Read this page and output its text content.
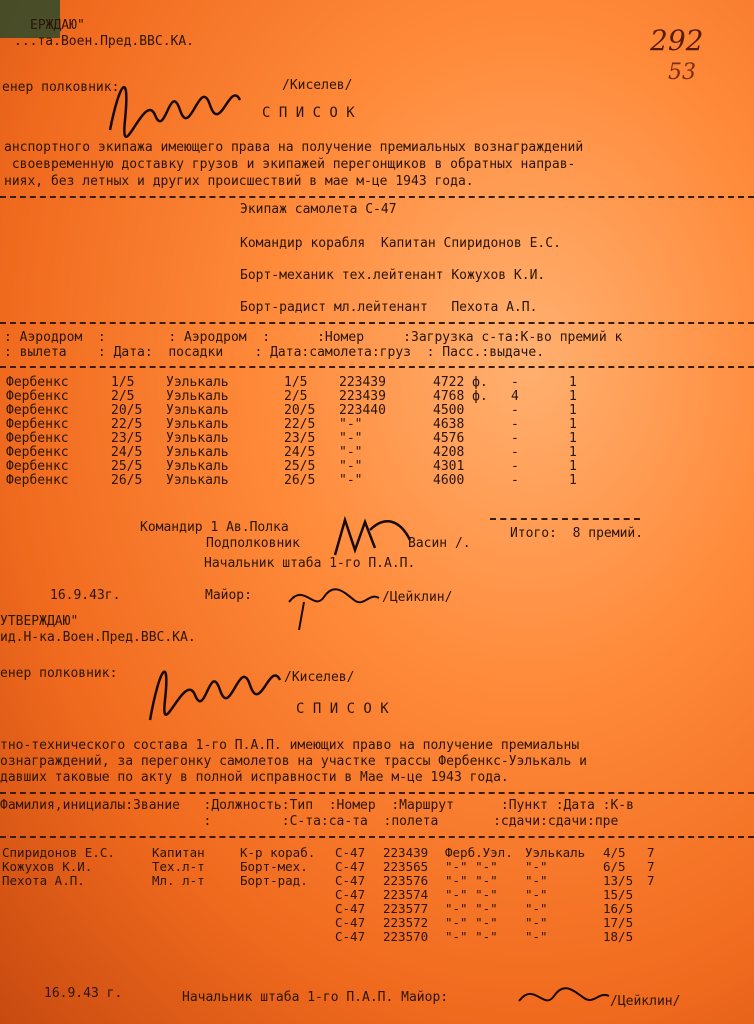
292
53
ЕРЖДАЮ"
...та.Воен.Пред.ВВС.КА.
енер полковник:	/Киселев/
С П И С О К
анспортного экипажа имеющего права на получение премиальных вознаграждений
своевременную доставку грузов и экипажей перегонщиков в обратных направ-
ниях, без летных и других происшествий в мае м-це 1943 года.
Экипаж самолета С-47
Командир корабля  Капитан Спиридонов Е.С.
Борт-механик тех.лейтенант Кожухов К.И.
Борт-радист мл.лейтенант   Пехота А.П.
: Аэродром  :        : Аэродром  :      :Номер     :Загрузка с-та:К-во премий к
: вылета    : Дата:  посадки    : Дата:самолета:груз  : Пасс.:выдаче.
Фербенкс	1/5	Уэлькаль	1/5	223439	4722 ф.	-	1
Фербенкс	2/5	Уэлькаль	2/5	223439	4768 ф.	4	1
Фербенкс	20/5	Уэлькаль	20/5	223440	4500	-	1
Фербенкс	22/5	Уэлькаль	22/5	"-"	4638	-	1
Фербенкс	23/5	Уэлькаль	23/5	"-"	4576	-	1
Фербенкс	24/5	Уэлькаль	24/5	"-"	4208	-	1
Фербенкс	25/5	Уэлькаль	25/5	"-"	4301	-	1
Фербенкс	26/5	Уэлькаль	26/5	"-"	4600	-	1
Командир 1 Ав.Полка
Подполковник	Васин /.
Итого:  8 премий.
Начальник штаба 1-го П.А.П.
16.9.43г.	Майор:	/Цейклин/
УТВЕРЖДАЮ"
ид.Н-ка.Воен.Пред.ВВС.КА.
енер полковник:	/Киселев/
С П И С О К
тно-технического состава 1-го П.А.П. имеющих право на получение премиальны
ознаграждений, за перегонку самолетов на участке трассы Фербенкс-Уэлькаль и
давших таковые по акту в полной исправности в Мае м-це 1943 года.
Фамилия,инициалы:Звание   :Должность:Тип  :Номер  :Маршрут      :Пункт :Дата :К-в
:         :С-та:са-та  :полета       :сдачи:сдачи:пре
Спиридонов Е.С.	Капитан	К-р кораб.	С-47	223439	Ферб.Уэл.	Уэлькаль	4/5	7
Кожухов К.И.	Тех.л-т	Борт-мех.	С-47	223565	"-" "-"	"-"	6/5	7
Пехота А.П.	Мл. л-т	Борт-рад.	С-47	223576	"-" "-"	"-"	13/5	7
			С-47	223574	"-" "-"	"-"	15/5	
			С-47	223577	"-" "-"	"-"	16/5	
			С-47	223572	"-" "-"	"-"	17/5	
			С-47	223570	"-" "-"	"-"	18/5	
16.9.43 г.	Начальник штаба 1-го П.А.П. Майор:	/Цейклин/
